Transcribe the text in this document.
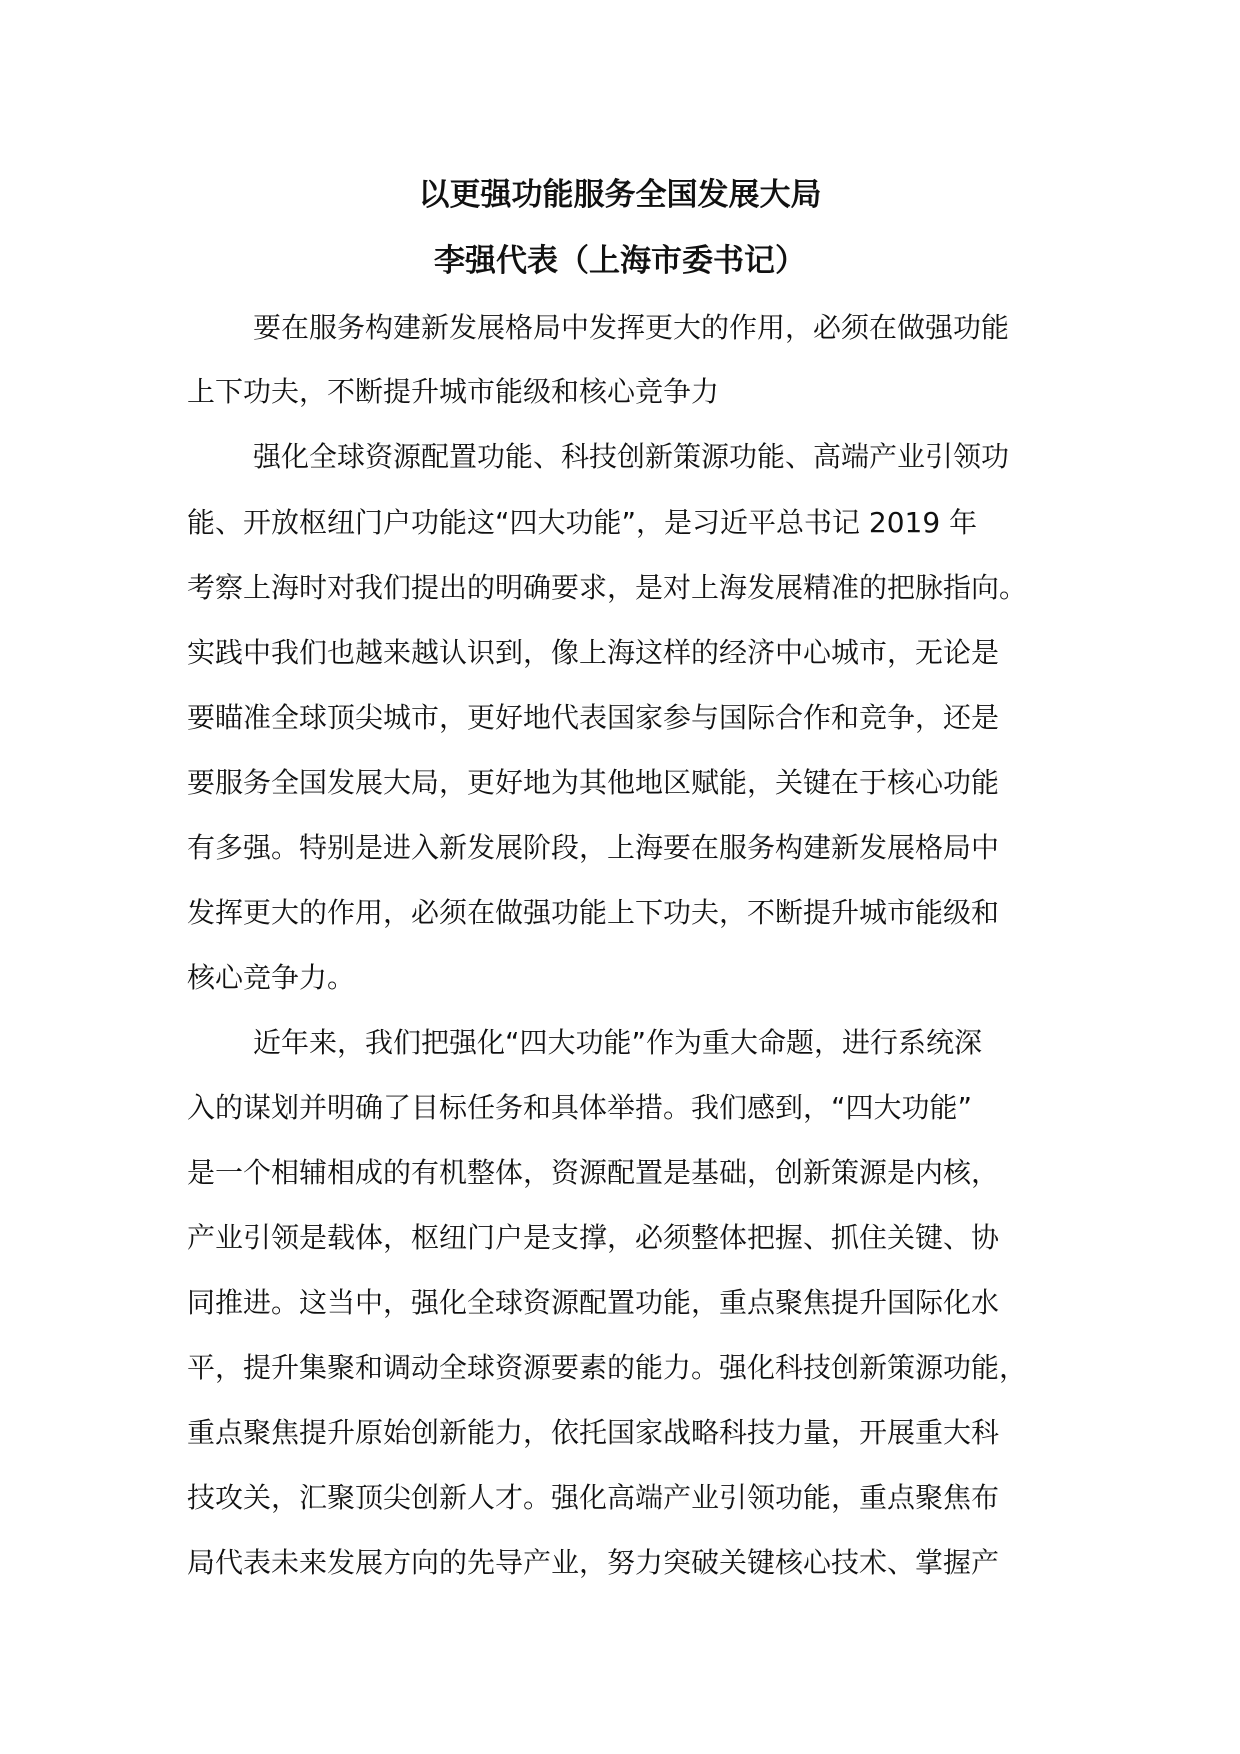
以更强功能服务全国发展大局
李强代表（上海市委书记）

要在服务构建新发展格局中发挥更大的作用，必须在做强功能

上下功夫，不断提升城市能级和核心竞争力

强化全球资源配置功能、科技创新策源功能、高端产业引领功

能、开放枢纽门户功能这“四大功能”，是习近平总书记 2019 年

考察上海时对我们提出的明确要求，是对上海发展精准的把脉指向。

实践中我们也越来越认识到，像上海这样的经济中心城市，无论是

要瞄准全球顶尖城市，更好地代表国家参与国际合作和竞争，还是

要服务全国发展大局，更好地为其他地区赋能，关键在于核心功能

有多强。特别是进入新发展阶段，上海要在服务构建新发展格局中

发挥更大的作用，必须在做强功能上下功夫，不断提升城市能级和

核心竞争力。

近年来，我们把强化“四大功能”作为重大命题，进行系统深

入的谋划并明确了目标任务和具体举措。我们感到，“四大功能”

是一个相辅相成的有机整体，资源配置是基础，创新策源是内核，

产业引领是载体，枢纽门户是支撑，必须整体把握、抓住关键、协

同推进。这当中，强化全球资源配置功能，重点聚焦提升国际化水

平，提升集聚和调动全球资源要素的能力。强化科技创新策源功能，

重点聚焦提升原始创新能力，依托国家战略科技力量，开展重大科

技攻关，汇聚顶尖创新人才。强化高端产业引领功能，重点聚焦布

局代表未来发展方向的先导产业，努力突破关键核心技术、掌握产
